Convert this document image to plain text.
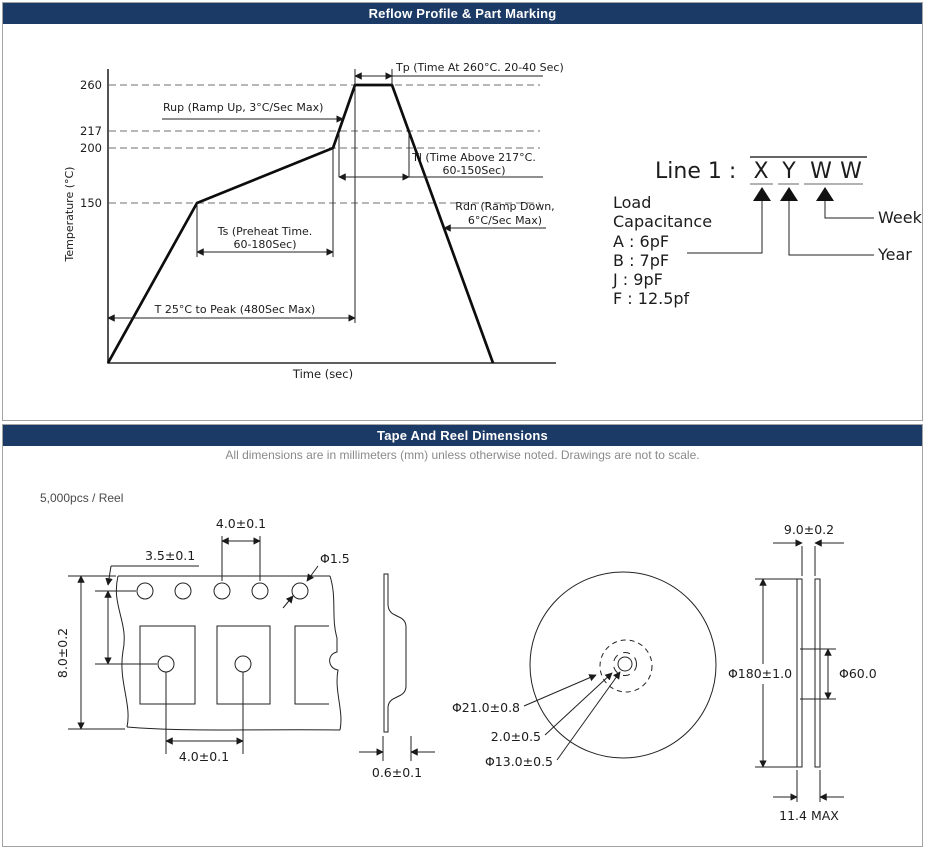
Reflow Profile & Part Marking
260
217
200
150
Temperature (°C)
Time (sec)
Tp (Time At 260°C. 20-40 Sec)
Rup (Ramp Up, 3°C/Sec Max)
Tl (Time Above 217°C.
60-150Sec)
Rdn (Ramp Down,
6°C/Sec Max)
Ts (Preheat Time.
60-180Sec)
T 25°C to Peak (480Sec Max)
Line 1 : X Y W W
Load
Capacitance
A : 6pF
B : 7pF
J : 9pF
F : 12.5pf
Week
Year
Tape And Reel Dimensions
All dimensions are in millimeters (mm) unless otherwise noted. Drawings are not to scale.
5,000pcs / Reel
4.0±0.1
3.5±0.1
8.0±0.2
Φ1.5
4.0±0.1
0.6±0.1
Φ21.0±0.8
2.0±0.5
Φ13.0±0.5
9.0±0.2
Φ180±1.0	Φ60.0
11.4 MAX
